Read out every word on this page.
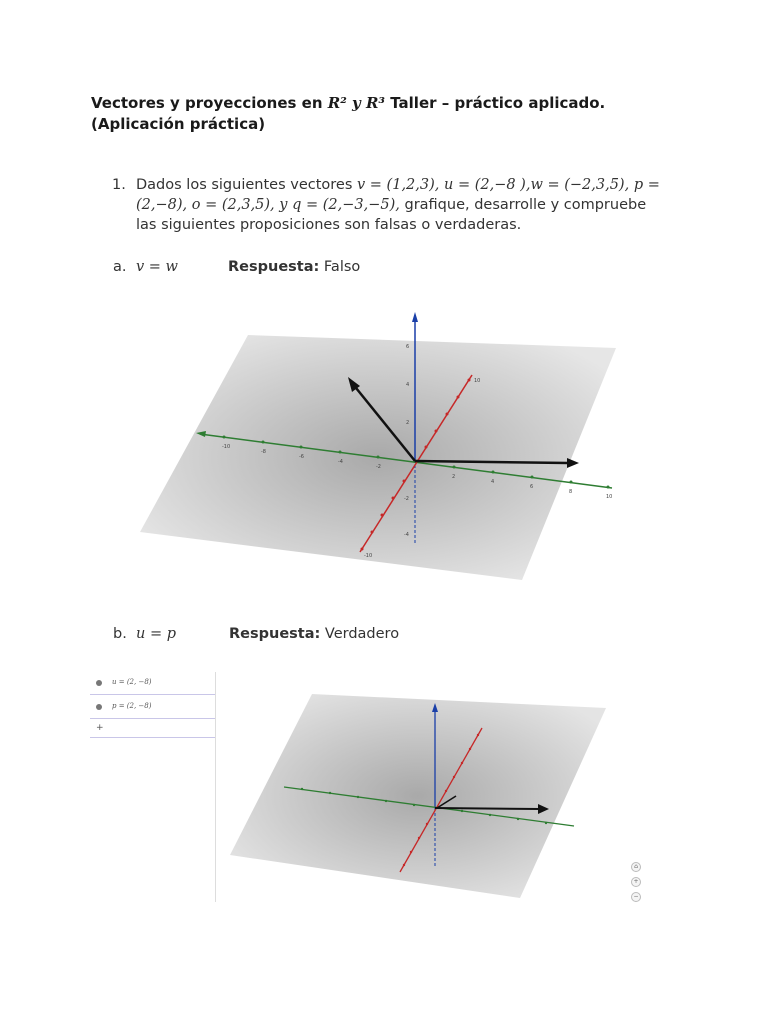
Vectores y proyecciones en R² y R³ Taller – práctico aplicado.
(Aplicación práctica)
1. Dados los siguientes vectores v = (1,2,3), u = (2,−8 ),w = (−2,3,5), p =
(2,−8), o = (2,3,5), y q = (2,−3,−5), grafique, desarrolle y compruebe
las siguientes proposiciones son falsas o verdaderas.
a. v = w	Respuesta: Falso
6
4
2
-2
-4
-10
-8
-6
-4
-2
2
4
6
8
10
10
-10
b. u = p	Respuesta: Verdadero
u = (2, −8)
p = (2, −8)
+
⌂
+
−
